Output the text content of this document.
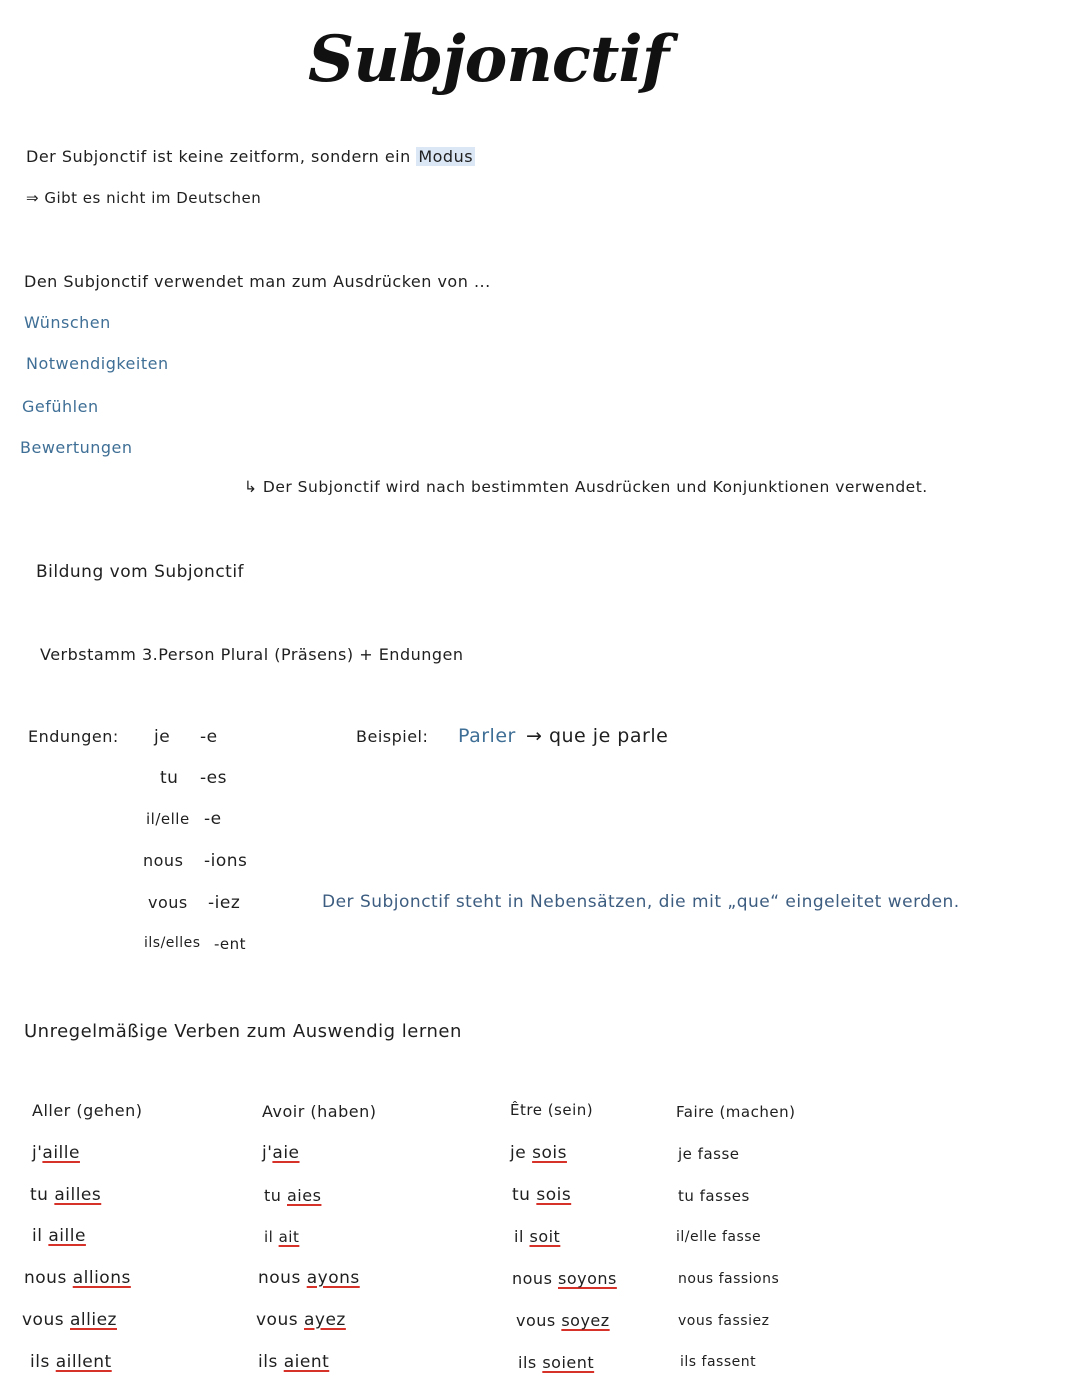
Subjonctif
Der Subjonctif ist keine zeitform, sondern ein Modus
⇒ Gibt es nicht im Deutschen
Den Subjonctif verwendet man zum Ausdrücken von ...
Wünschen
Notwendigkeiten
Gefühlen
Bewertungen
↳ Der Subjonctif wird nach bestimmten Ausdrücken und Konjunktionen verwendet.
Bildung vom Subjonctif
Verbstamm 3.Person Plural (Präsens) + Endungen
Endungen: je -e
tu -es
il/elle -e
nous -ions
vous -iez
ils/elles -ent
Beispiel: Parler → que je parle
Der Subjonctif steht in Nebensätzen, die mit „que“ eingeleitet werden.
Unregelmäßige Verben zum Auswendig lernen
Aller (gehen)
j'aille
tu ailles
il aille
nous allions
vous alliez
ils aillent
Avoir (haben)
j'aie
tu aies
il ait
nous ayons
vous ayez
ils aient
Être (sein)
je sois
tu sois
il soit
nous soyons
vous soyez
ils soient
Faire (machen)
je fasse
tu fasses
il/elle fasse
nous fassions
vous fassiez
ils fassent
